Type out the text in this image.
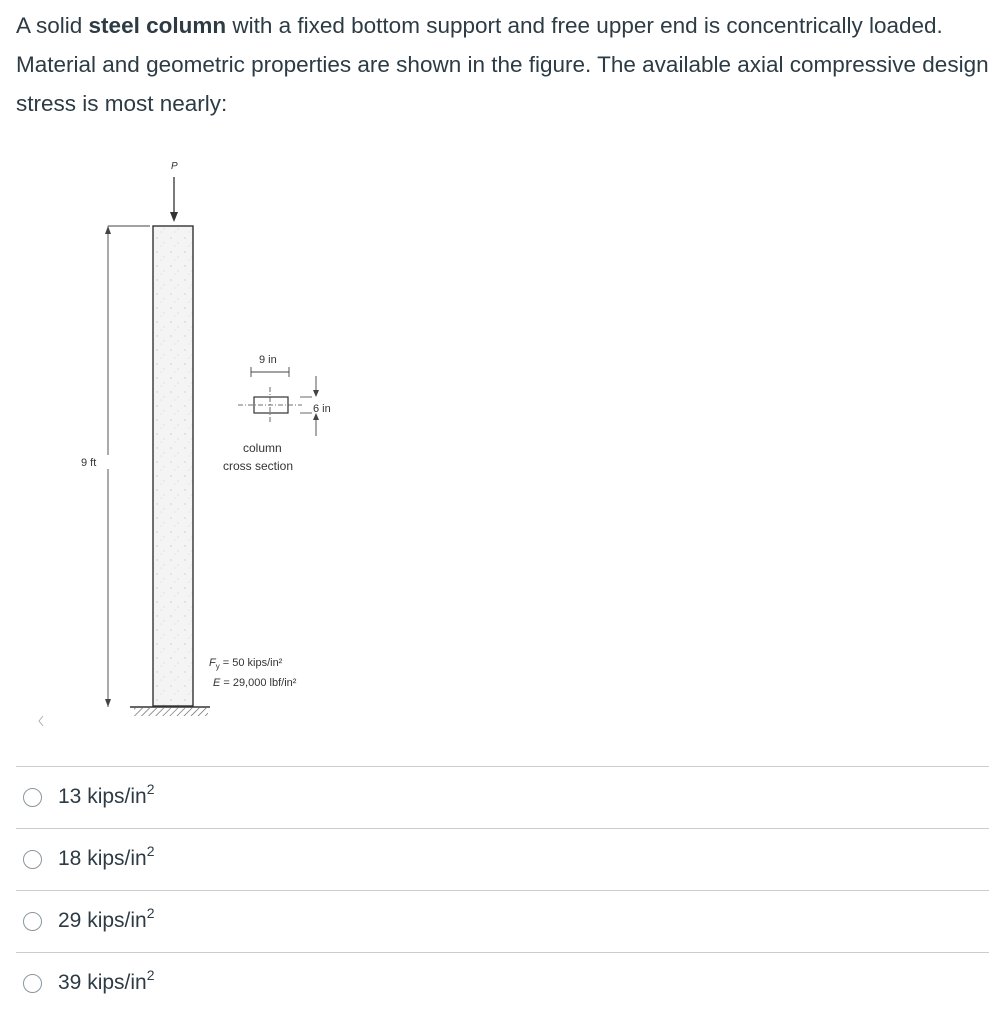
A solid steel column with a fixed bottom support and free upper end is concentrically loaded. Material and geometric properties are shown in the figure. The available axial compressive design stress is most nearly:

P
9 ft
9 in
6 in
column
cross section
$F_y = 50$ kips/in²
E = 29,000 lbf/in²
13 kips/$in^2$
18 kips/$in^2$
29 kips/$in^2$
39 kips/$in^2$
